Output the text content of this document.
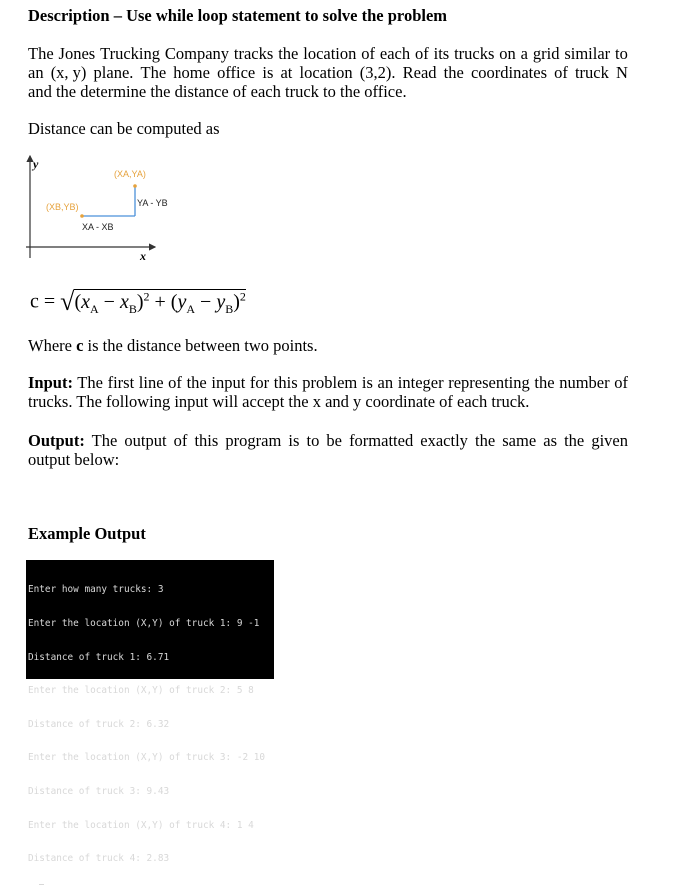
Description – Use while loop statement to solve the problem
The Jones Trucking Company tracks the location of each of its trucks on a grid similar to
an (x, y) plane. The home office is at location (3,2). Read the coordinates of truck N
and the determine the distance of each truck to the office.
Distance can be computed as
y
x
(XA,YA)
(XB,YB)	YA - YB
XA - XB
$c = √(x_A - x_B)^2 + (y_A - y_B)^2$
Where c is the distance between two points.
Input: The first line of the input for this problem is an integer representing the number of trucks. The following input will accept the x and y coordinate of each truck.
Output: The output of this program is to be formatted exactly the same as the given output below:
Example Output

Enter how many trucks: 3

Enter the location (X,Y) of truck 1: 9 -1

Distance of truck 1: 6.71

Enter the location (X,Y) of truck 2: 5 8

Distance of truck 2: 6.32

Enter the location (X,Y) of truck 3: -2 10

Distance of truck 3: 9.43

Enter the location (X,Y) of truck 4: 1 4

Distance of truck 4: 2.83
